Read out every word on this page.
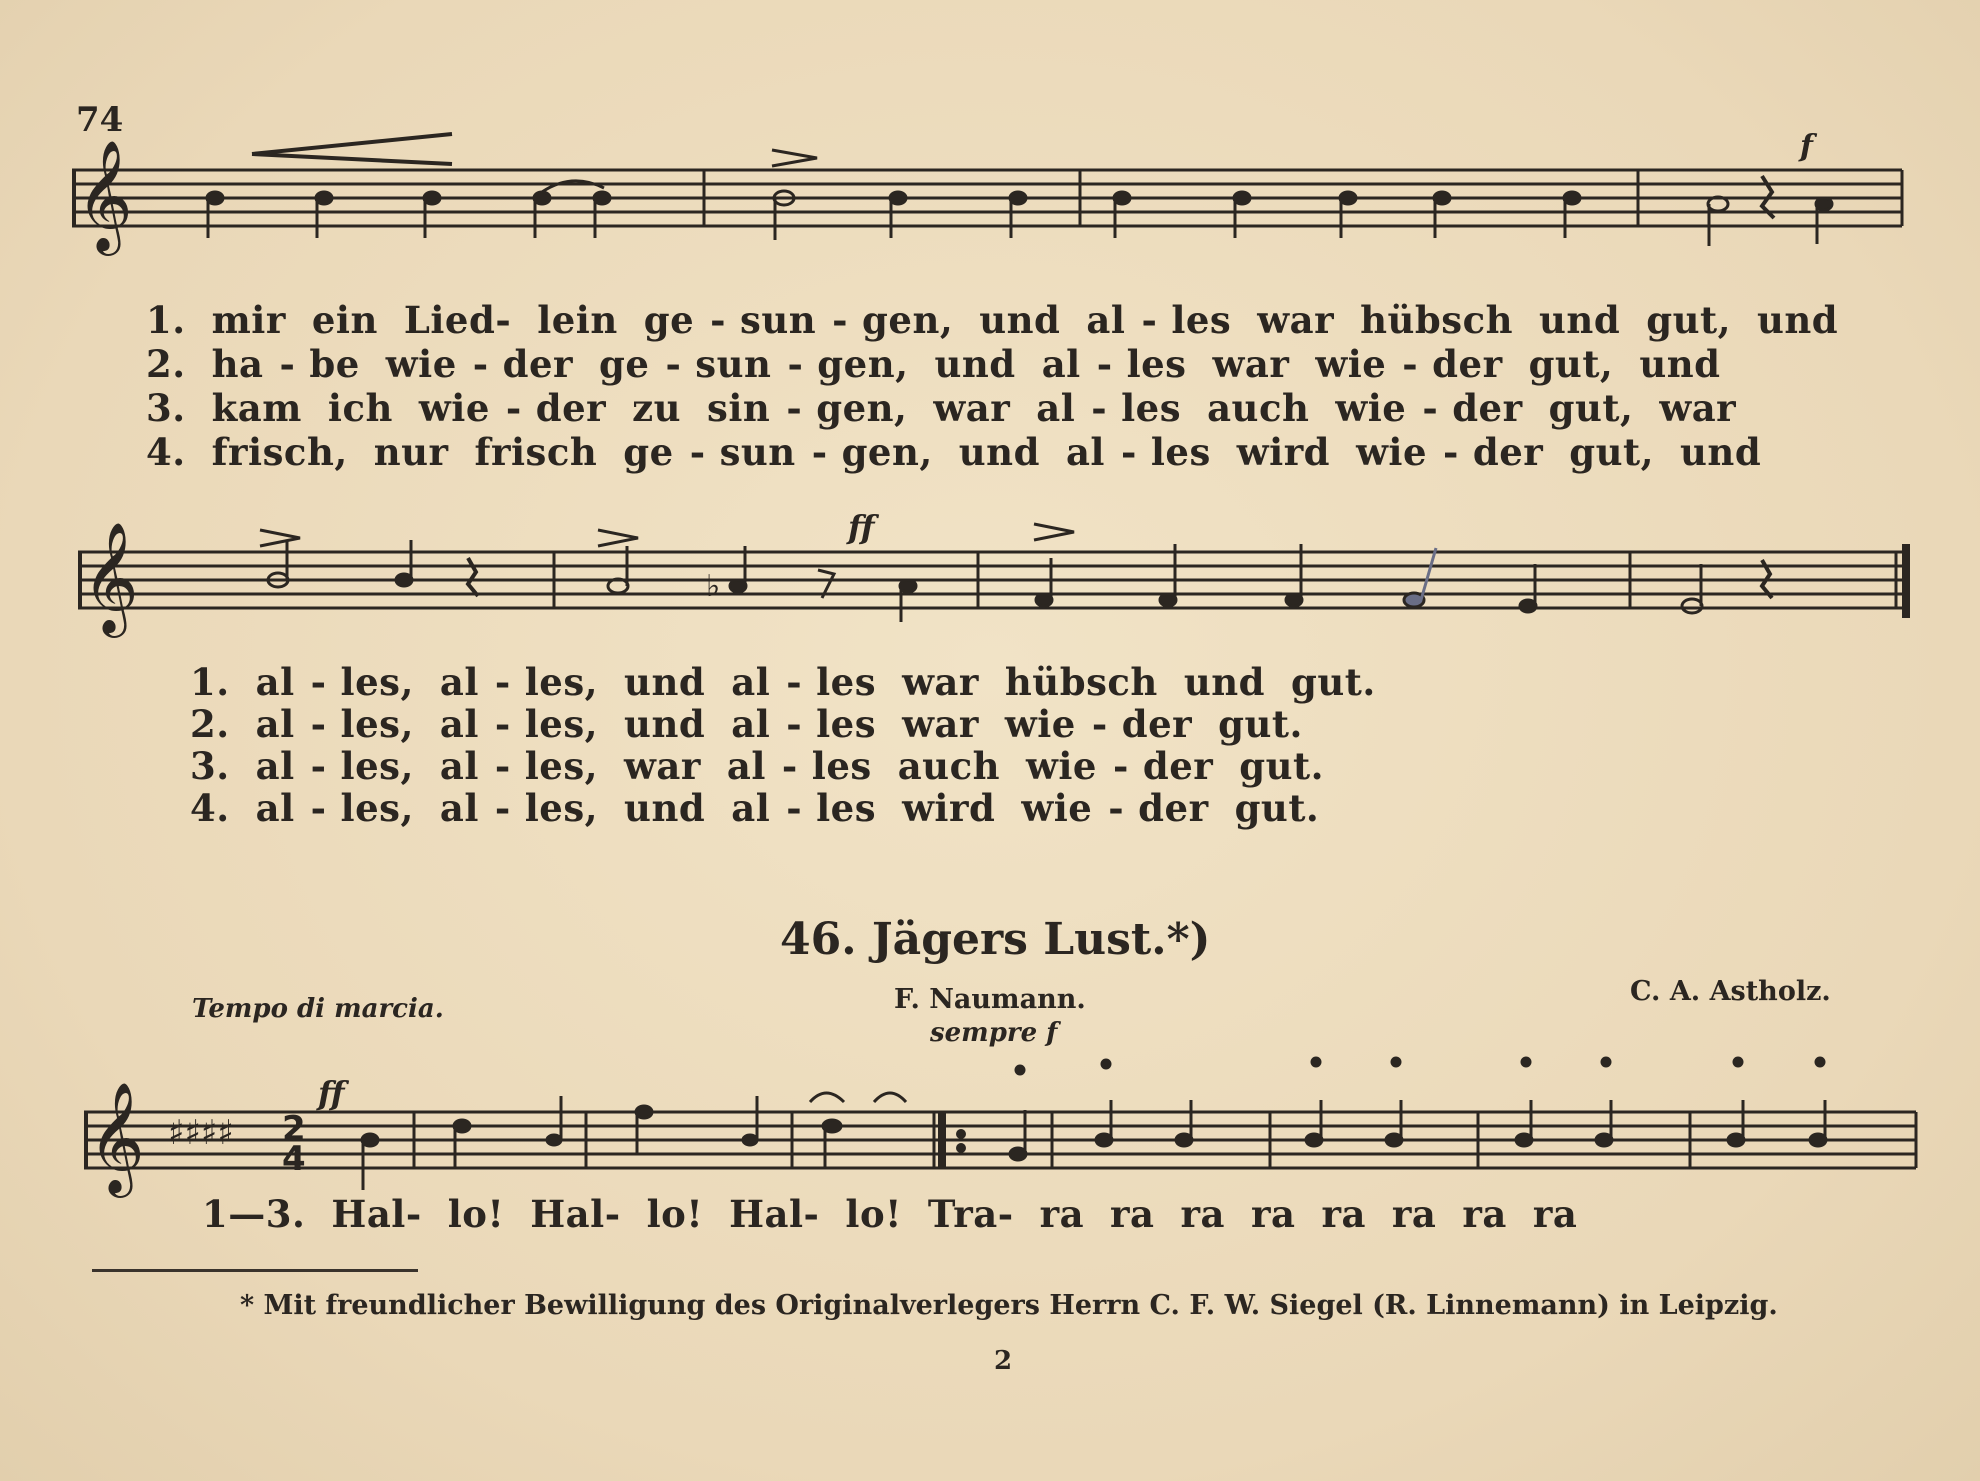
74
𝄞	f
1. mir ein Lied- lein ge - sun - gen, und al - les war hübsch und gut, und
2. ha - be wie - der ge - sun - gen, und al - les war wie - der gut, und
3. kam ich wie - der zu sin - gen, war al - les auch wie - der gut, war
4. frisch, nur frisch ge - sun - gen, und al - les wird wie - der gut, und
𝄞	ff
♭
1. al - les, al - les, und al - les war hübsch und gut.
2. al - les, al - les, und al - les war wie - der gut.
3. al - les, al - les, war al - les auch wie - der gut.
4. al - les, al - les, und al - les wird wie - der gut.
46. Jägers Lust.*)
Tempo di marcia.	F. Naumann.
sempre f
C. A. Astholz.
𝄞 ♯♯♯♯ 2
4
ff
1—3. Hal- lo! Hal- lo! Hal- lo! Tra- ra ra ra ra ra ra ra ra
* Mit freundlicher Bewilligung des Originalverlegers Herrn C. F. W. Siegel (R. Linnemann) in Leipzig.
2
